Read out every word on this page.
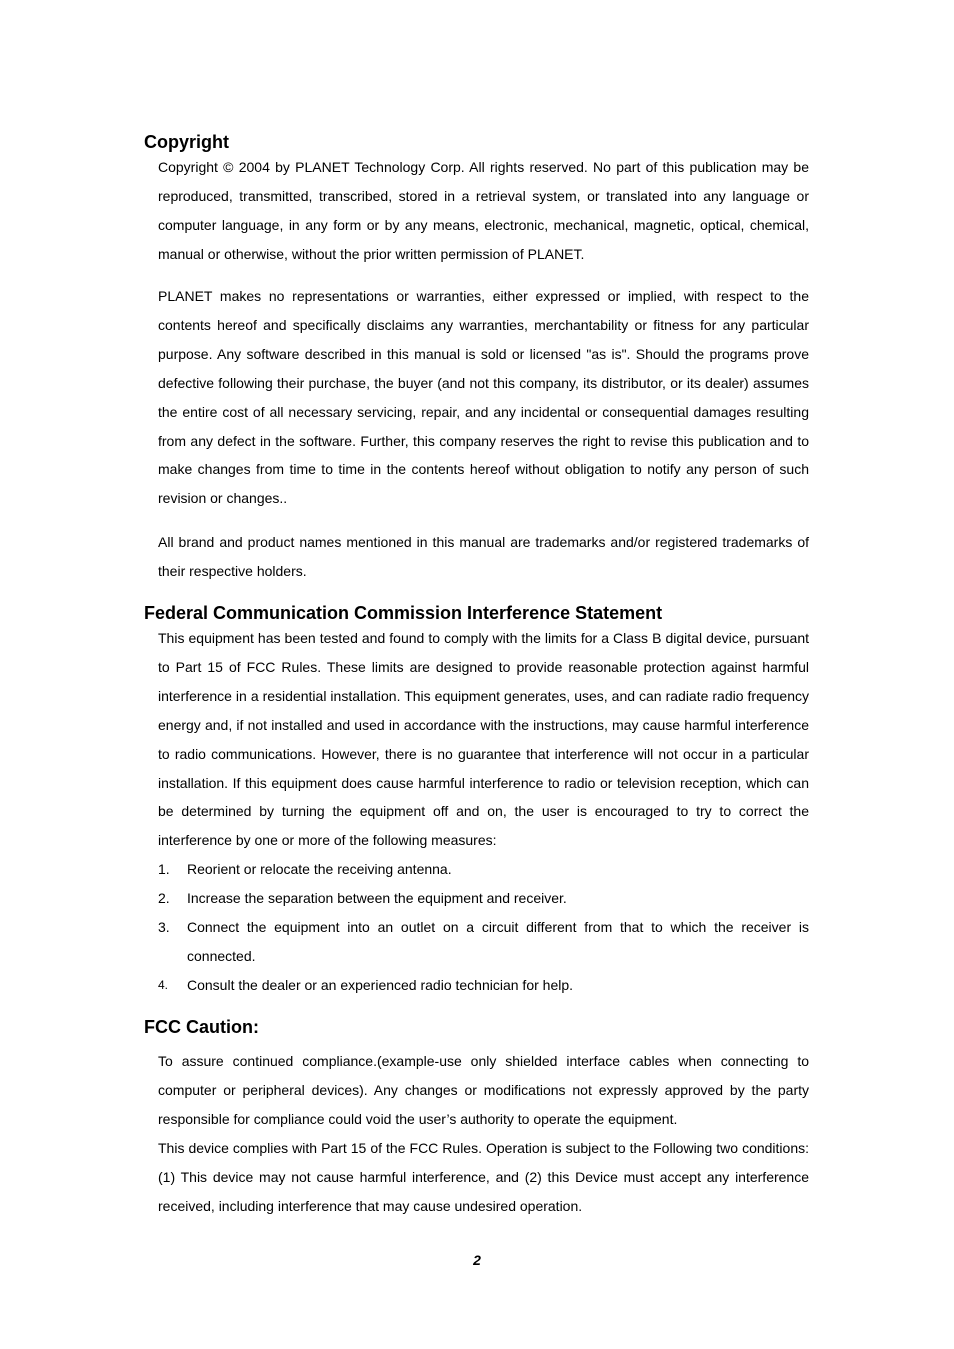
Copyright

Copyright © 2004 by PLANET Technology Corp. All rights reserved. No part of this publication may be reproduced, transmitted, transcribed, stored in a retrieval system, or translated into any language or computer language, in any form or by any means, electronic, mechanical, magnetic, optical, chemical, manual or otherwise, without the prior written permission of PLANET.

PLANET makes no representations or warranties, either expressed or implied, with respect to the contents hereof and specifically disclaims any warranties, merchantability or fitness for any particular purpose. Any software described in this manual is sold or licensed "as is". Should the programs prove defective following their purchase, the buyer (and not this company, its distributor, or its dealer) assumes the entire cost of all necessary servicing, repair, and any incidental or consequential damages resulting from any defect in the software. Further, this company reserves the right to revise this publication and to make changes from time to time in the contents hereof without obligation to notify any person of such revision or changes..

All brand and product names mentioned in this manual are trademarks and/or registered trademarks of their respective holders.

Federal Communication Commission Interference Statement

This equipment has been tested and found to comply with the limits for a Class B digital device, pursuant to Part 15 of FCC Rules. These limits are designed to provide reasonable protection against harmful interference in a residential installation. This equipment generates, uses, and can radiate radio frequency energy and, if not installed and used in accordance with the instructions, may cause harmful interference to radio communications. However, there is no guarantee that interference will not occur in a particular installation. If this equipment does cause harmful interference to radio or television reception, which can be determined by turning the equipment off and on, the user is encouraged to try to correct the interference by one or more of the following measures:

1.	Reorient or relocate the receiving antenna.
2.	Increase the separation between the equipment and receiver.
3.	Connect the equipment into an outlet on a circuit different from that to which the receiver is connected.
4.	Consult the dealer or an experienced radio technician for help.
FCC Caution:

To assure continued compliance.(example-use only shielded interface cables when connecting to computer or peripheral devices). Any changes or modifications not expressly approved by the party responsible for compliance could void the user’s authority to operate the equipment.

This device complies with Part 15 of the FCC Rules. Operation is subject to the Following two conditions: (1) This device may not cause harmful interference, and (2) this Device must accept any interference received, including interference that may cause undesired operation.

2
